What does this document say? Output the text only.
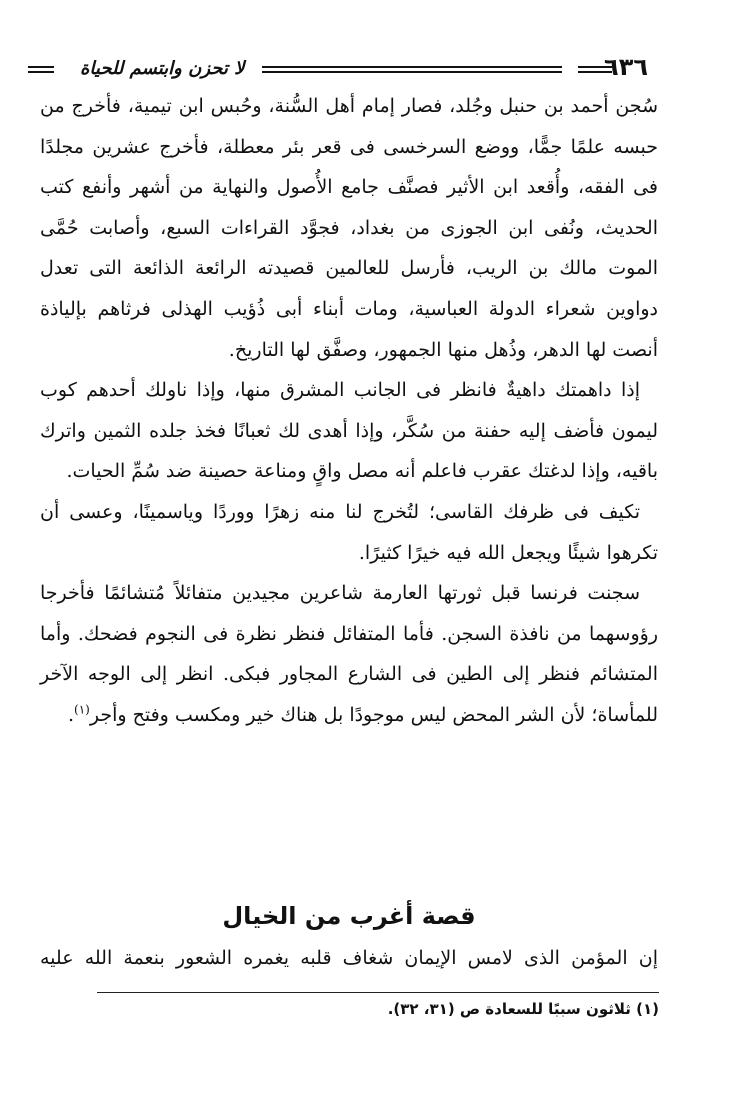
٦٣٦
لا تحزن وابتسم للحياة

سُجن أحمد بن حنبل وجُلد، فصار إمام أهل السُّنة، وحُبس ابن تيمية، فأخرج من حبسه علمًا جمًّا، ووضع السرخسى فى قعر بئر معطلة، فأخرج عشرين مجلدًا فى الفقه، وأُقعد ابن الأثير فصنَّف جامع الأُصول والنهاية من أشهر وأنفع كتب الحديث، ونُفى ابن الجوزى من بغداد، فجوَّد القراءات السبع، وأصابت حُمَّى الموت مالك بن الريب، فأرسل للعالمين قصيدته الرائعة الذائعة التى تعدل دواوين شعراء الدولة العباسية، ومات أبناء أبى ذُؤيب الهذلى فرثاهم بإلياذة أنصت لها الدهر، وذُهل منها الجمهور، وصفَّق لها التاريخ.

إذا داهمتك داهيةٌ فانظر فى الجانب المشرق منها، وإذا ناولك أحدهم كوب ليمون فأضف إليه حفنة من سُكَّر، وإذا أهدى لك ثعبانًا فخذ جلده الثمين واترك باقيه، وإذا لدغتك عقرب فاعلم أنه مصل واقٍ ومناعة حصينة ضد سُمِّ الحيات.

تكيف فى ظرفك القاسى؛ لتُخرج لنا منه زهرًا ووردًا وياسمينًا، وعسى أن تكرهوا شيئًا ويجعل الله فيه خيرًا كثيرًا.

سجنت فرنسا قبل ثورتها العارمة شاعرين مجيدين متفائلاً مُتشائمًا فأخرجا رؤوسهما من نافذة السجن. فأما المتفائل فنظر نظرة فى النجوم فضحك. وأما المتشائم فنظر إلى الطين فى الشارع المجاور فبكى. انظر إلى الوجه الآخر للمأساة؛ لأن الشر المحض ليس موجودًا بل هناك خير ومكسب وفتح وأجر$^{(١)}$.

قصة أغرب من الخيال
إن المؤمن الذى لامس الإيمان شغاف قلبه يغمره الشعور بنعمة الله عليه
(١) ثلاثون سببًا للسعادة ص (٣١، ٣٢).
